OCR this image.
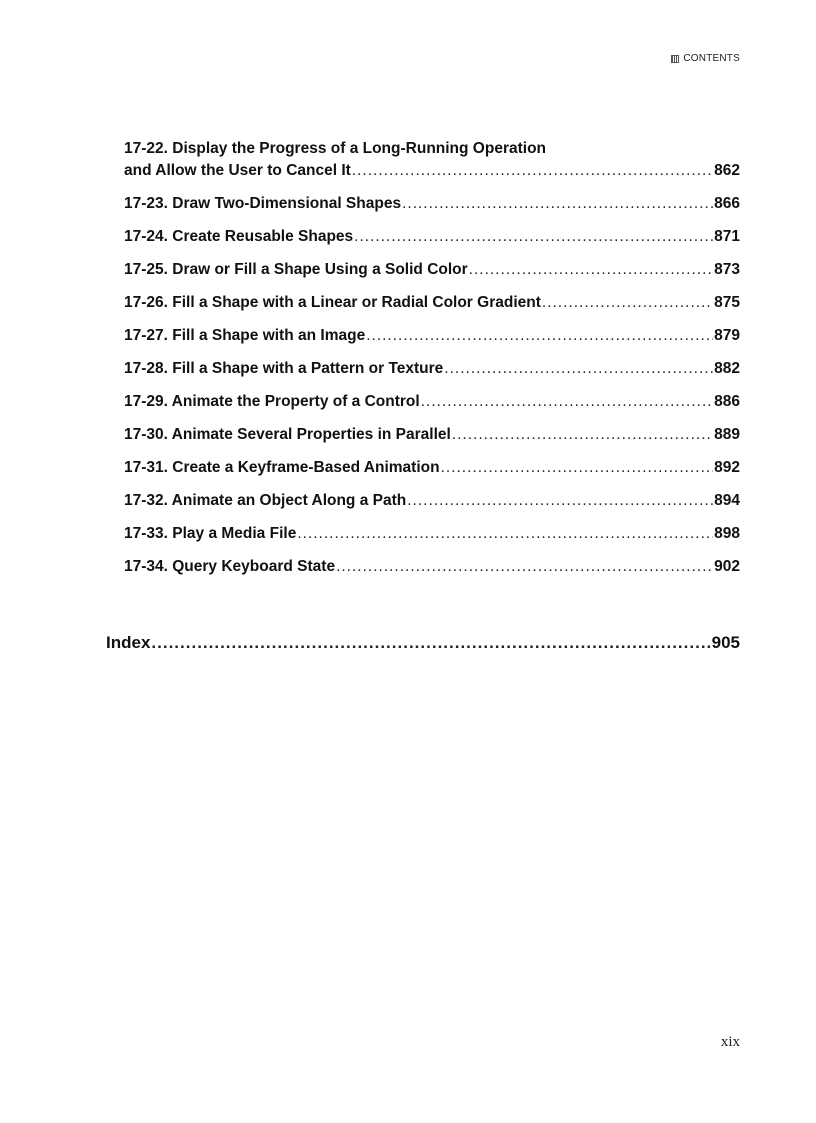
CONTENTS
17-22. Display the Progress of a Long-Running Operation
and Allow the User to Cancel It .....	862
17-23. Draw Two-Dimensional Shapes .....	866
17-24. Create Reusable Shapes .....	871
17-25. Draw or Fill a Shape Using a Solid Color .....	873
17-26. Fill a Shape with a Linear or Radial Color Gradient .....	875
17-27. Fill a Shape with an Image .....	879
17-28. Fill a Shape with a Pattern or Texture .....	882
17-29. Animate the Property of a Control .....	886
17-30. Animate Several Properties in Parallel .....	889
17-31. Create a Keyframe-Based Animation .....	892
17-32. Animate an Object Along a Path .....	894
17-33. Play a Media File .....	898
17-34. Query Keyboard State .....	902
Index .....	905
xix
